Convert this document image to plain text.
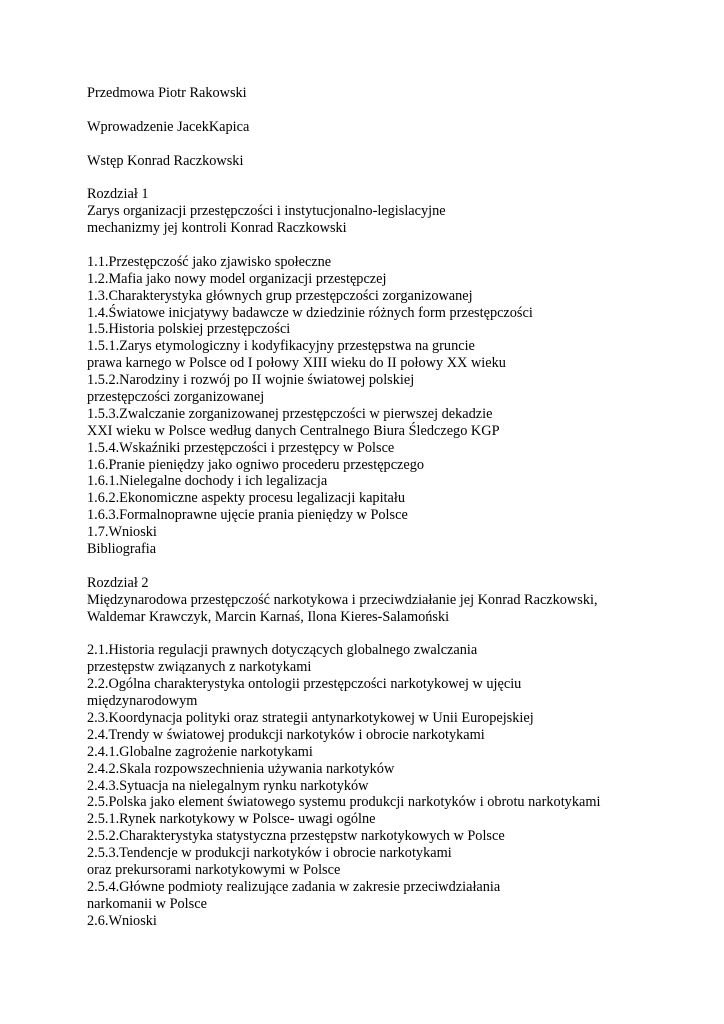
Przedmowa Piotr Rakowski
Wprowadzenie JacekKapica
Wstęp Konrad Raczkowski
Rozdział 1
Zarys organizacji przestępczości i instytucjonalno-legislacyjne
mechanizmy jej kontroli Konrad Raczkowski
1.1.Przestępczość jako zjawisko społeczne
1.2.Mafia jako nowy model organizacji przestępczej
1.3.Charakterystyka głównych grup przestępczości zorganizowanej
1.4.Światowe inicjatywy badawcze w dziedzinie różnych form przestępczości
1.5.Historia polskiej przestępczości
1.5.1.Zarys etymologiczny i kodyfikacyjny przestępstwa na gruncie
prawa karnego w Polsce od I połowy XIII wieku do II połowy XX wieku
1.5.2.Narodziny i rozwój po II wojnie światowej polskiej
przestępczości zorganizowanej
1.5.3.Zwalczanie zorganizowanej przestępczości w pierwszej dekadzie
XXI wieku w Polsce według danych Centralnego Biura Śledczego KGP
1.5.4.Wskaźniki przestępczości i przestępcy w Polsce
1.6.Pranie pieniędzy jako ogniwo procederu przestępczego
1.6.1.Nielegalne dochody i ich legalizacja
1.6.2.Ekonomiczne aspekty procesu legalizacji kapitału
1.6.3.Formalnoprawne ujęcie prania pieniędzy w Polsce
1.7.Wnioski
Bibliografia
Rozdział 2
Międzynarodowa przestępczość narkotykowa i przeciwdziałanie jej Konrad Raczkowski,
Waldemar Krawczyk, Marcin Karnaś, Ilona Kieres-Salamoński
2.1.Historia regulacji prawnych dotyczących globalnego zwalczania
przestępstw związanych z narkotykami
2.2.Ogólna charakterystyka ontologii przestępczości narkotykowej w ujęciu
międzynarodowym
2.3.Koordynacja polityki oraz strategii antynarkotykowej w Unii Europejskiej
2.4.Trendy w światowej produkcji narkotyków i obrocie narkotykami
2.4.1.Globalne zagrożenie narkotykami
2.4.2.Skala rozpowszechnienia używania narkotyków
2.4.3.Sytuacja na nielegalnym rynku narkotyków
2.5.Polska jako element światowego systemu produkcji narkotyków i obrotu narkotykami
2.5.1.Rynek narkotykowy w Polsce- uwagi ogólne
2.5.2.Charakterystyka statystyczna przestępstw narkotykowych w Polsce
2.5.3.Tendencje w produkcji narkotyków i obrocie narkotykami
oraz prekursorami narkotykowymi w Polsce
2.5.4.Główne podmioty realizujące zadania w zakresie przeciwdziałania
narkomanii w Polsce
2.6.Wnioski
